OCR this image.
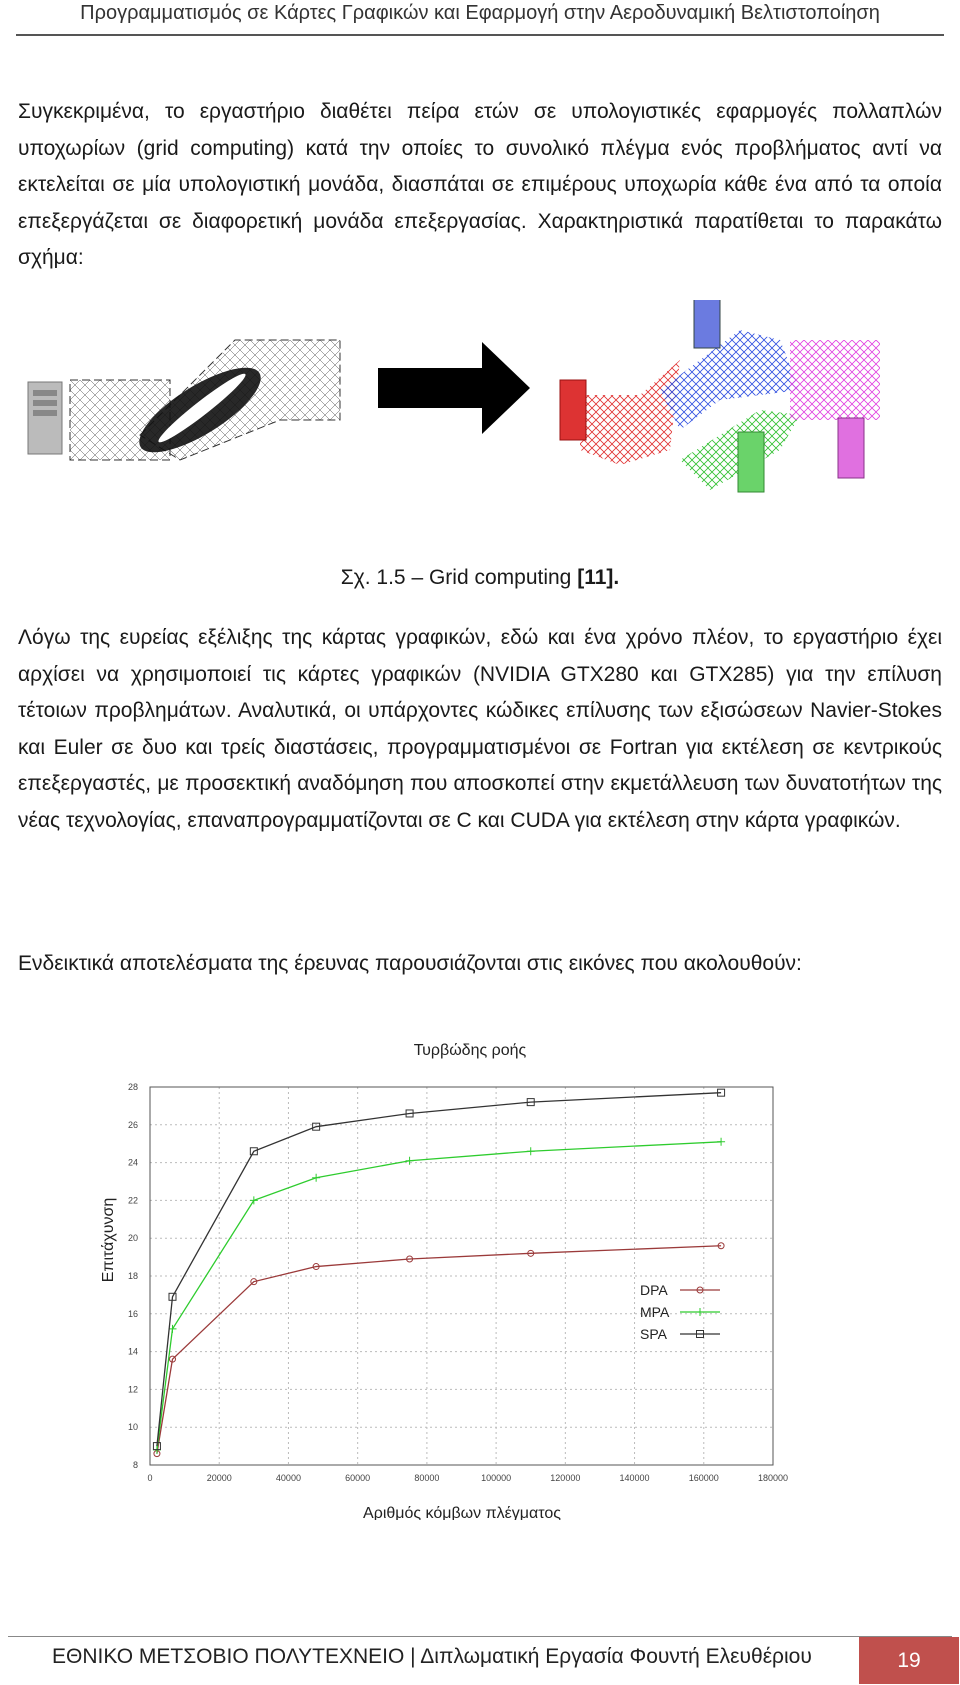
Προγραμματισμός σε Κάρτες Γραφικών και Εφαρμογή στην Αεροδυναμική Βελτιστοποίηση
Συγκεκριμένα, το εργαστήριο διαθέτει πείρα ετών σε υπολογιστικές εφαρμογές πολλαπλών υποχωρίων (grid computing) κατά την οποίες το συνολικό πλέγμα ενός προβλήματος αντί να εκτελείται σε μία υπολογιστική μονάδα, διασπάται σε επιμέρους υποχωρία κάθε ένα από τα οποία επεξεργάζεται σε διαφορετική μονάδα επεξεργασίας. Χαρακτηριστικά παρατίθεται το παρακάτω σχήμα:
Σχ. 1.5 – Grid computing [11].
Λόγω της ευρείας εξέλιξης της κάρτας γραφικών, εδώ και ένα χρόνο πλέον, το εργαστήριο έχει αρχίσει να χρησιμοποιεί τις κάρτες γραφικών (NVIDIA GTX280 και GTX285) για την επίλυση τέτοιων προβλημάτων. Αναλυτικά, οι υπάρχοντες κώδικες επίλυσης των εξισώσεων Navier-Stokes και Euler σε δυο και τρείς διαστάσεις, προγραμματισμένοι σε Fortran για εκτέλεση σε κεντρικούς επεξεργαστές, με προσεκτική αναδόμηση που αποσκοπεί στην εκμετάλλευση των δυνατοτήτων της νέας τεχνολογίας, επαναπρογραμματίζονται σε C και CUDA για εκτέλεση στην κάρτα γραφικών.
Ενδεικτικά αποτελέσματα της έρευνας παρουσιάζονται στις εικόνες που ακολουθούν:
Τυρβώδης ροής
Επιτάχυνση
Αριθμός κόμβων πλέγματος
8
10
12
14
16
18
20
22
24
26
28
0	20000	40000	60000	80000	100000	120000	140000	160000	180000
DPA
MPA
SPA
ΕΘΝΙΚΟ ΜΕΤΣΟΒΙΟ ΠΟΛΥΤΕΧΝΕΙΟ | Διπλωματική Εργασία Φουντή Ελευθέριου	19
